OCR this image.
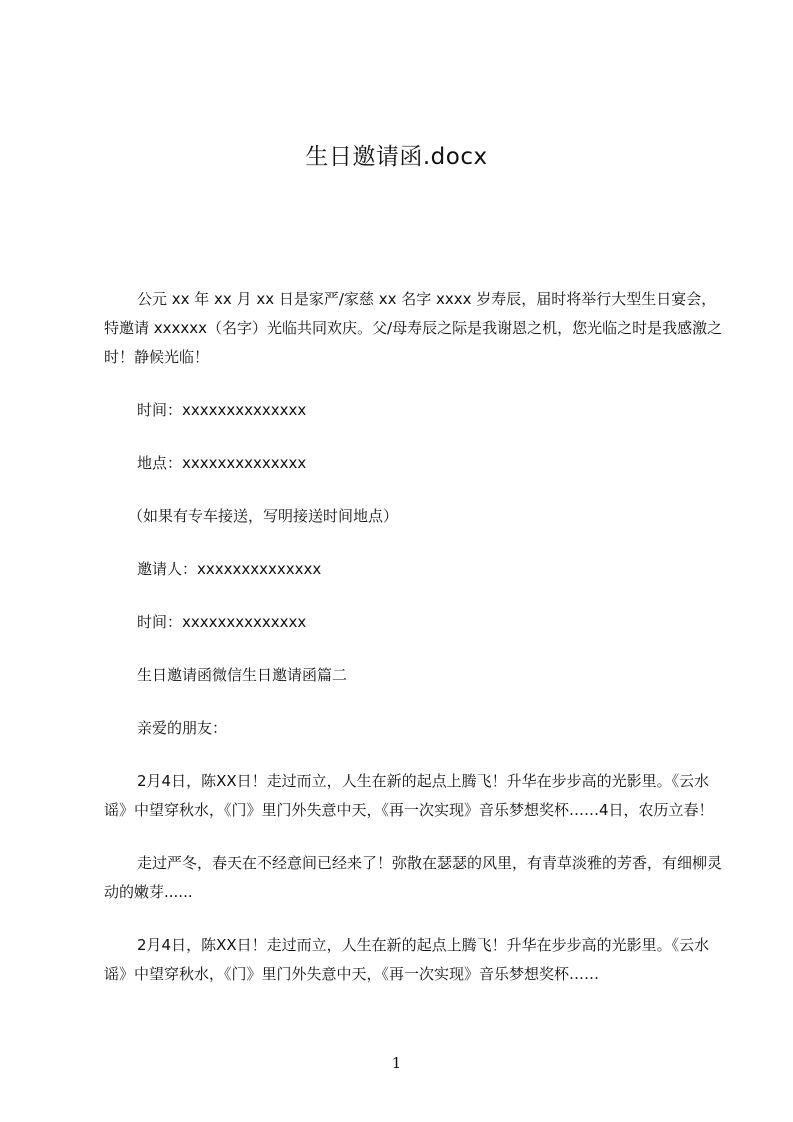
生日邀请函.docx

公元 xx 年 xx 月 xx 日是家严/家慈 xx 名字 xxxx 岁寿辰，届时将举行大型生日宴会，特邀请 xxxxxx（名字）光临共同欢庆。父/母寿辰之际是我谢恩之机，您光临之时是我感激之时！静候光临！

时间：xxxxxxxxxxxxxx

地点：xxxxxxxxxxxxxx

（如果有专车接送，写明接送时间地点）

邀请人：xxxxxxxxxxxxxx

时间：xxxxxxxxxxxxxx

生日邀请函微信生日邀请函篇二

亲爱的朋友：

2月4日，陈XX日！走过而立，人生在新的起点上腾飞！升华在步步高的光影里。《云水谣》中望穿秋水，《门》里门外失意中天，《再一次实现》音乐梦想奖杯……4日，农历立春！

走过严冬，春天在不经意间已经来了！弥散在瑟瑟的风里，有青草淡雅的芳香，有细柳灵动的嫩芽......

2月4日，陈XX日！走过而立，人生在新的起点上腾飞！升华在步步高的光影里。《云水谣》中望穿秋水，《门》里门外失意中天，《再一次实现》音乐梦想奖杯……

1
